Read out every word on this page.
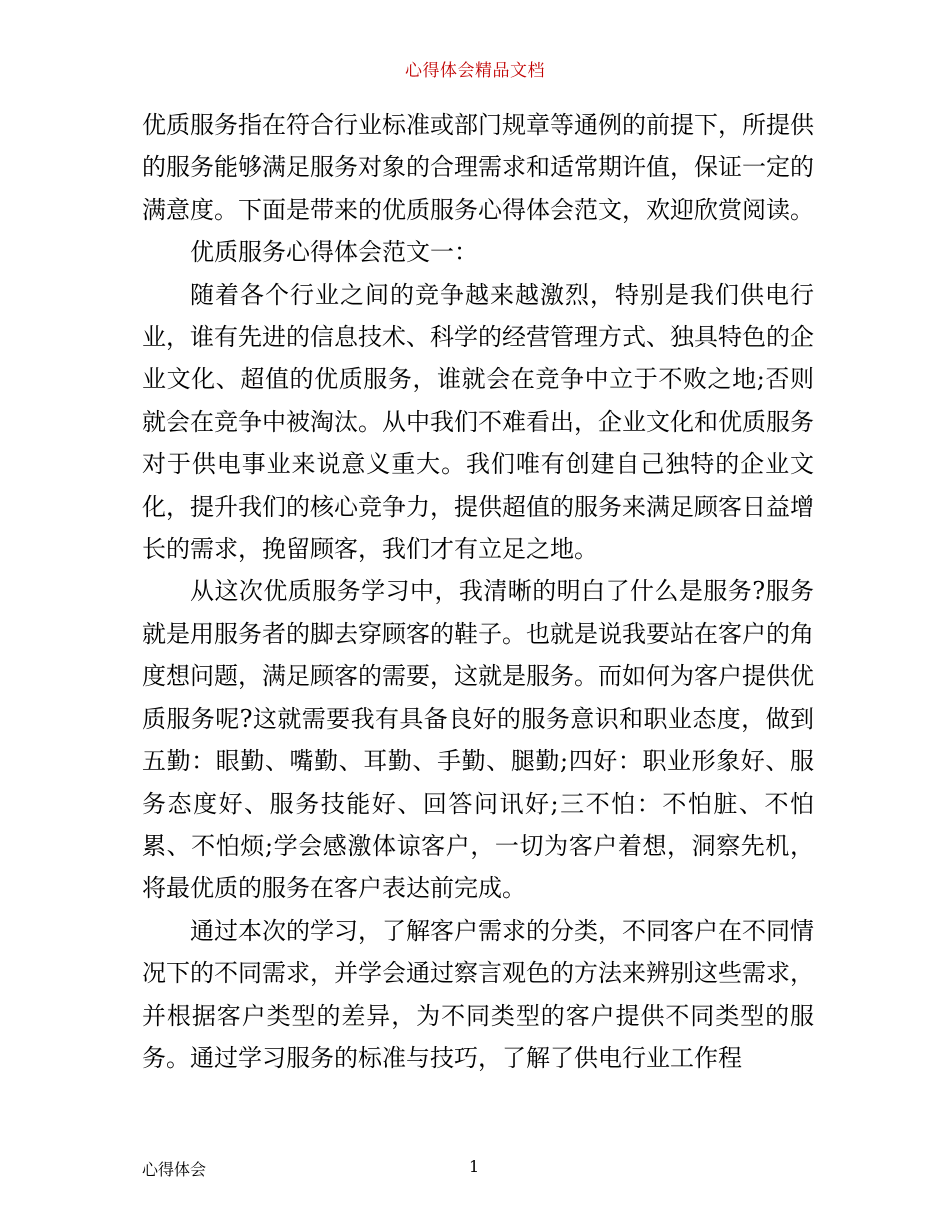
心得体会精品文档

优质服务指在符合行业标准或部门规章等通例的前提下，所提供的服务能够满足服务对象的合理需求和适常期许值，保证一定的满意度。下面是带来的优质服务心得体会范文，欢迎欣赏阅读。

优质服务心得体会范文一：

随着各个行业之间的竞争越来越激烈，特别是我们供电行业，谁有先进的信息技术、科学的经营管理方式、独具特色的企业文化、超值的优质服务，谁就会在竞争中立于不败之地;否则就会在竞争中被淘汰。从中我们不难看出，企业文化和优质服务对于供电事业来说意义重大。我们唯有创建自己独特的企业文化，提升我们的核心竞争力，提供超值的服务来满足顾客日益增长的需求，挽留顾客，我们才有立足之地。

从这次优质服务学习中，我清晰的明白了什么是服务?服务就是用服务者的脚去穿顾客的鞋子。也就是说我要站在客户的角度想问题，满足顾客的需要，这就是服务。而如何为客户提供优质服务呢?这就需要我有具备良好的服务意识和职业态度，做到五勤：眼勤、嘴勤、耳勤、手勤、腿勤;四好：职业形象好、服务态度好、服务技能好、回答问讯好;三不怕：不怕脏、不怕累、不怕烦;学会感激体谅客户，一切为客户着想，洞察先机，将最优质的服务在客户表达前完成。

通过本次的学习，了解客户需求的分类，不同客户在不同情况下的不同需求，并学会通过察言观色的方法来辨别这些需求，并根据客户类型的差异，为不同类型的客户提供不同类型的服务。通过学习服务的标准与技巧，了解了供电行业工作程

心得体会	1
